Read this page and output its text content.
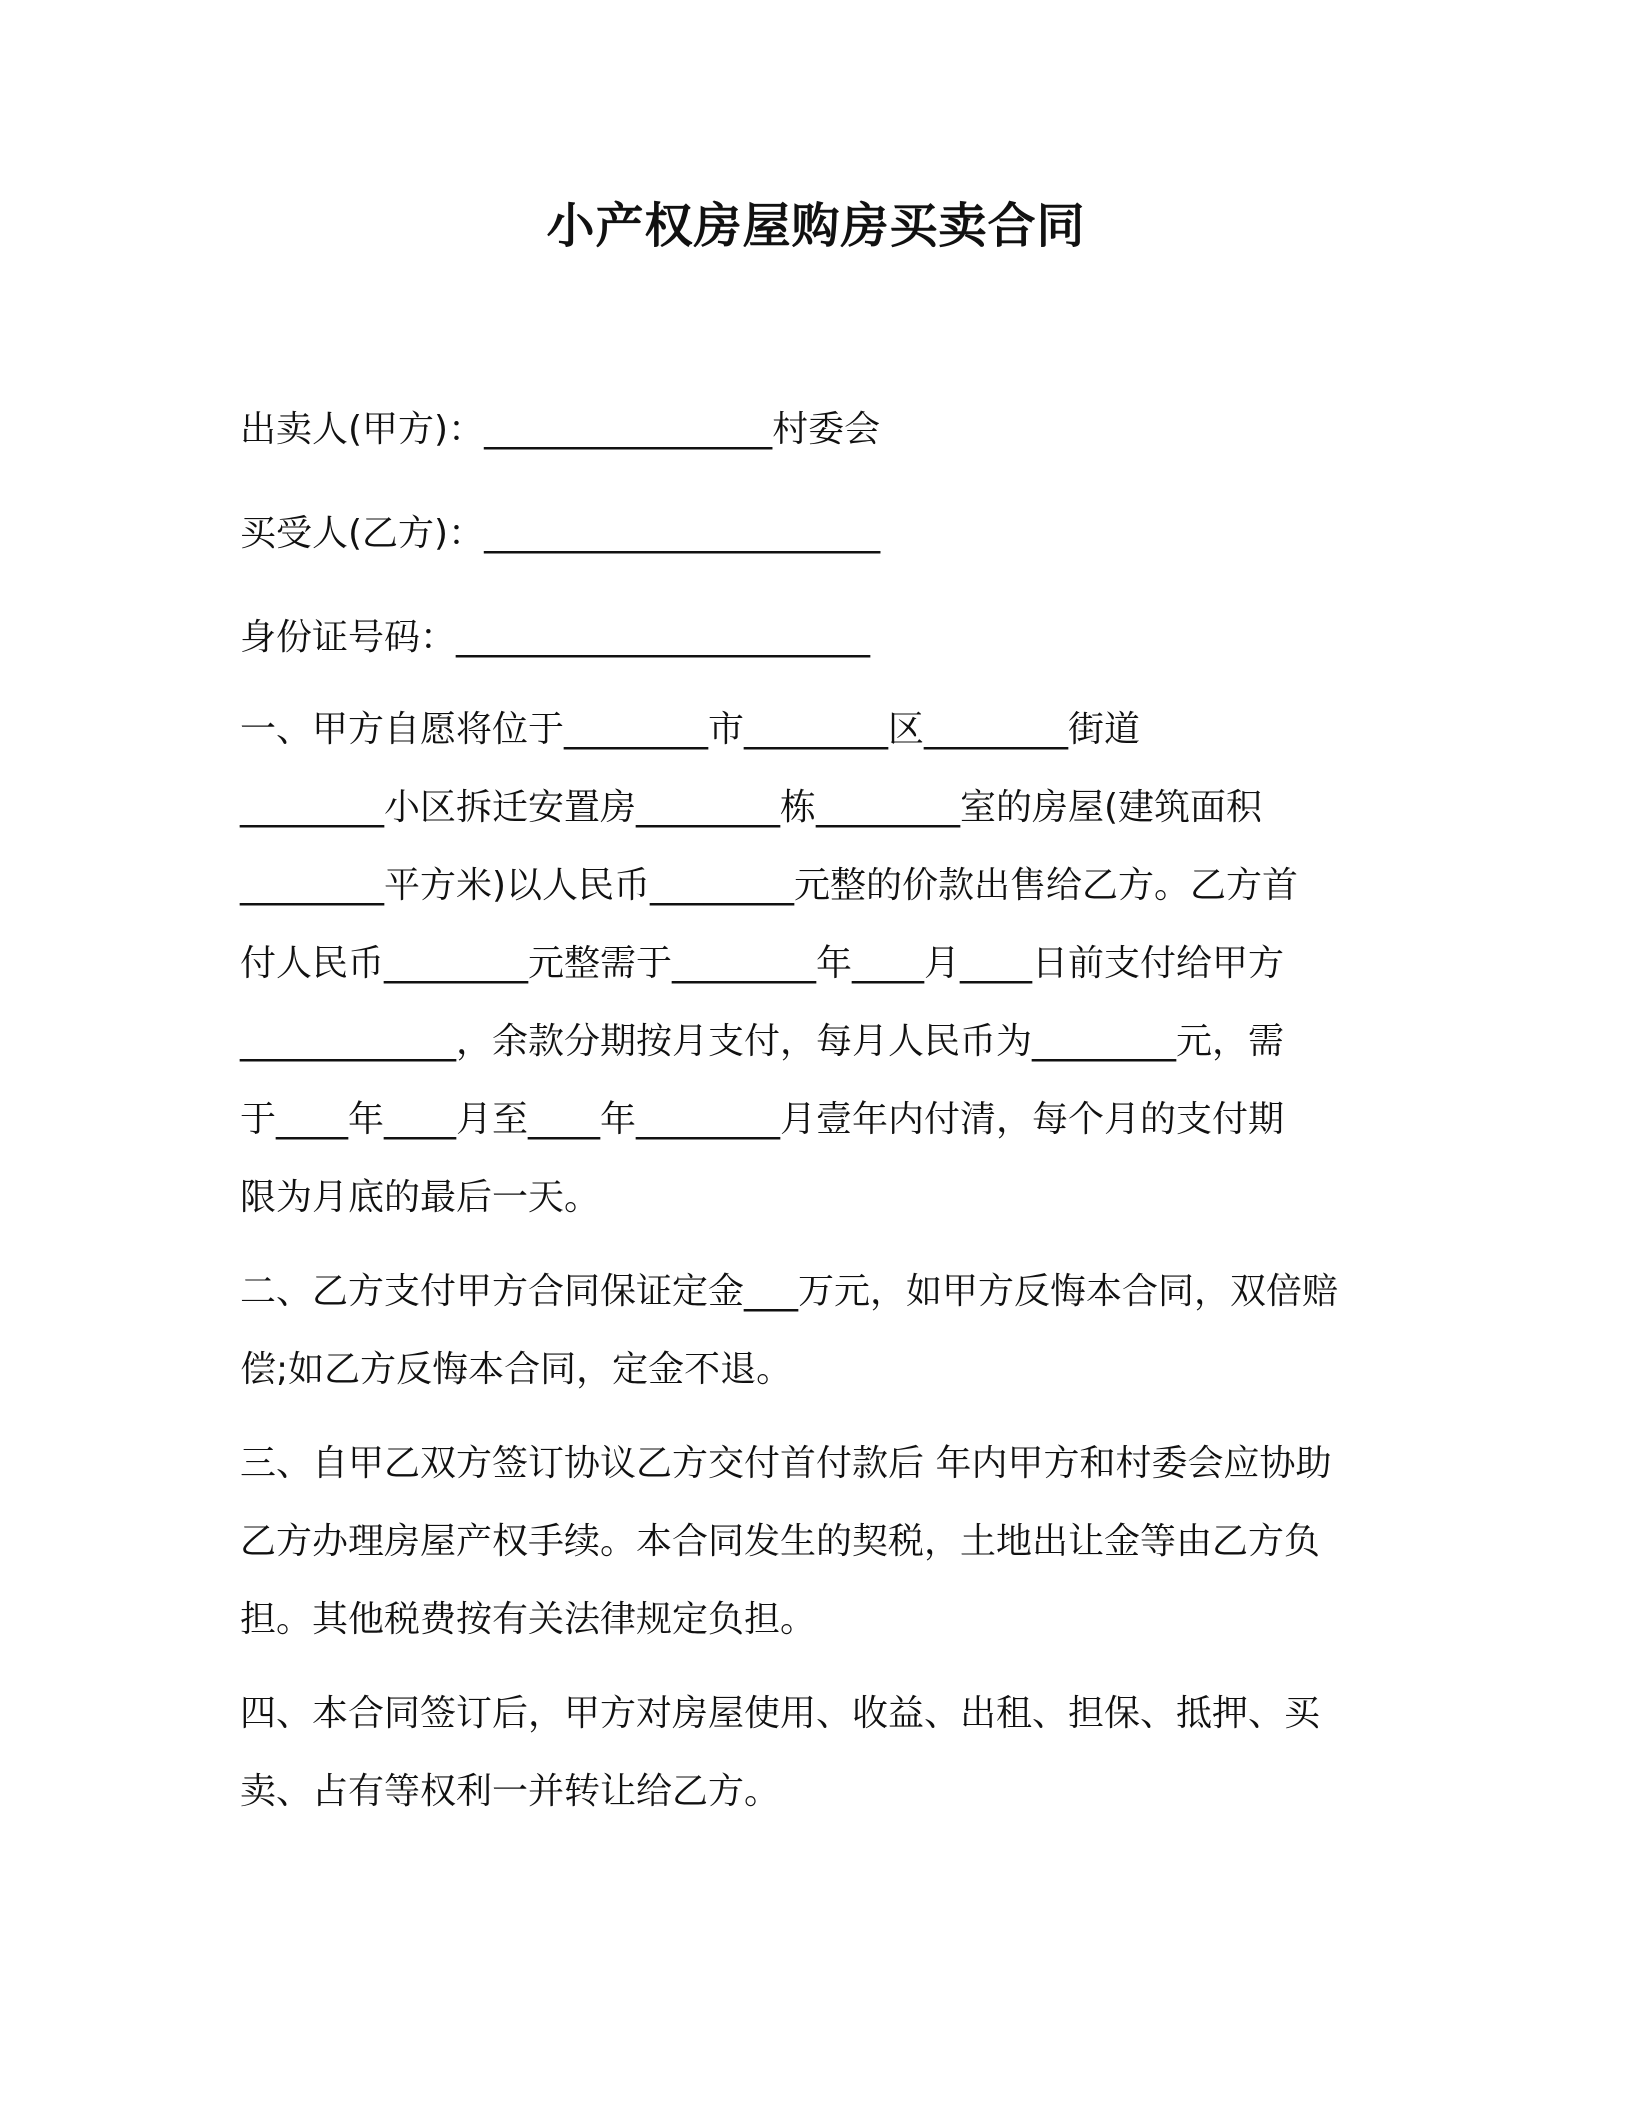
小产权房屋购房买卖合同
出卖人(甲方)：________________村委会
买受人(乙方)：______________________
身份证号码：_______________________
一、甲方自愿将位于________市________区________街道
________小区拆迁安置房________栋________室的房屋(建筑面积
________平方米)以人民币________元整的价款出售给乙方。乙方首
付人民币________元整需于________年____月____日前支付给甲方
____________，余款分期按月支付，每月人民币为________元，需
于____年____月至____年________月壹年内付清，每个月的支付期
限为月底的最后一天。
二、乙方支付甲方合同保证定金___万元，如甲方反悔本合同，双倍赔
偿;如乙方反悔本合同，定金不退。
三、自甲乙双方签订协议乙方交付首付款后 年内甲方和村委会应协助
乙方办理房屋产权手续。本合同发生的契税，土地出让金等由乙方负
担。其他税费按有关法律规定负担。
四、本合同签订后，甲方对房屋使用、收益、出租、担保、抵押、买
卖、占有等权利一并转让给乙方。
